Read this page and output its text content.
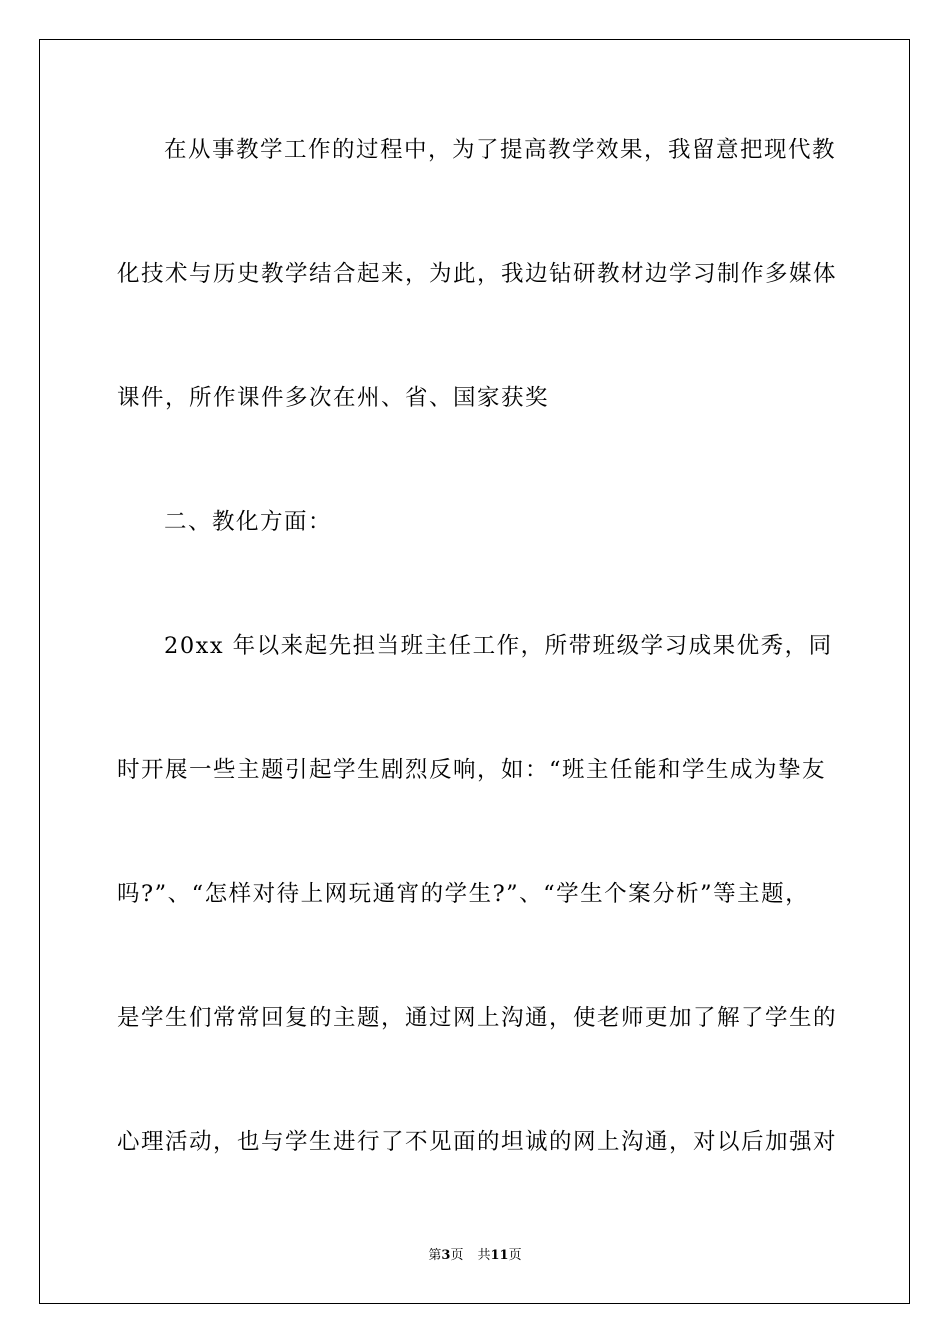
在从事教学工作的过程中，为了提高教学效果，我留意把现代教
化技术与历史教学结合起来，为此，我边钻研教材边学习制作多媒体
课件，所作课件多次在州、省、国家获奖
二、教化方面：
20xx 年以来起先担当班主任工作，所带班级学习成果优秀，同
时开展一些主题引起学生剧烈反响，如：“班主任能和学生成为挚友
吗?”、“怎样对待上网玩通宵的学生?”、“学生个案分析”等主题，
是学生们常常回复的主题，通过网上沟通，使老师更加了解了学生的
心理活动，也与学生进行了不见面的坦诚的网上沟通，对以后加强对
第3页 共11页
